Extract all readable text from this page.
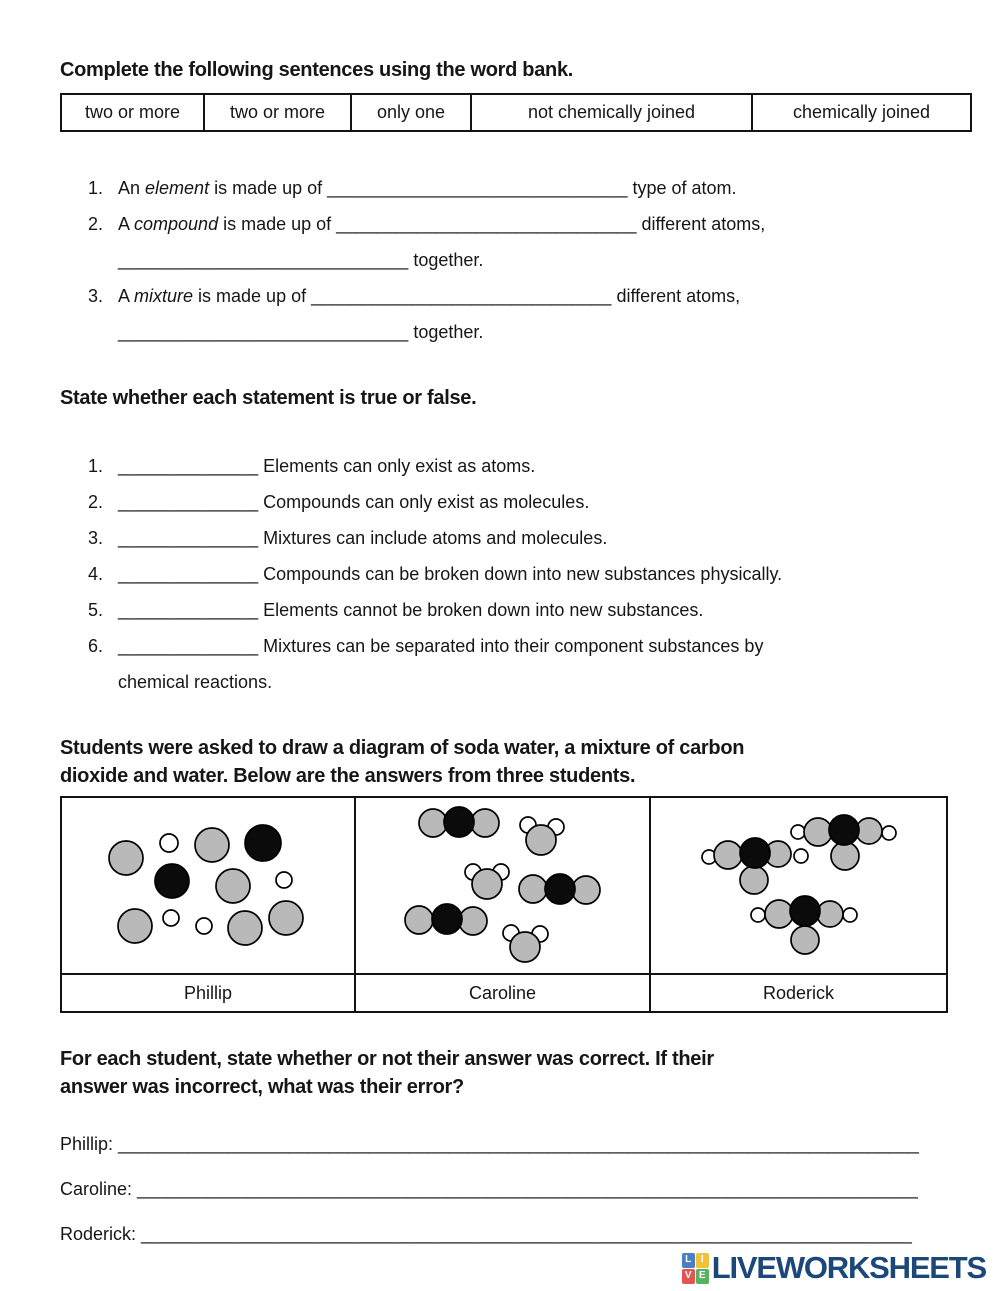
Complete the following sentences using the word bank.
two or more	two or more	only one	not chemically joined	chemically joined
1. An element is made up of ______________________________ type of atom.
2. A compound is made up of ______________________________ different atoms,
_____________________________ together.
3. A mixture is made up of ______________________________ different atoms,
_____________________________ together.
State whether each statement is true or false.
1. ______________ Elements can only exist as atoms.
2. ______________ Compounds can only exist as molecules.
3. ______________ Mixtures can include atoms and molecules.
4. ______________ Compounds can be broken down into new substances physically.
5. ______________ Elements cannot be broken down into new substances.
6. ______________ Mixtures can be separated into their component substances by
chemical reactions.
Students were asked to draw a diagram of soda water, a mixture of carbon
dioxide and water. Below are the answers from three students.

Phillip	Caroline	Roderick
For each student, state whether or not their answer was correct. If their
answer was incorrect, what was their error?
Phillip: ________________________________________________________________________________
Caroline: ______________________________________________________________________________
Roderick: _____________________________________________________________________________
L I
V E LIVEWORKSHEETS
